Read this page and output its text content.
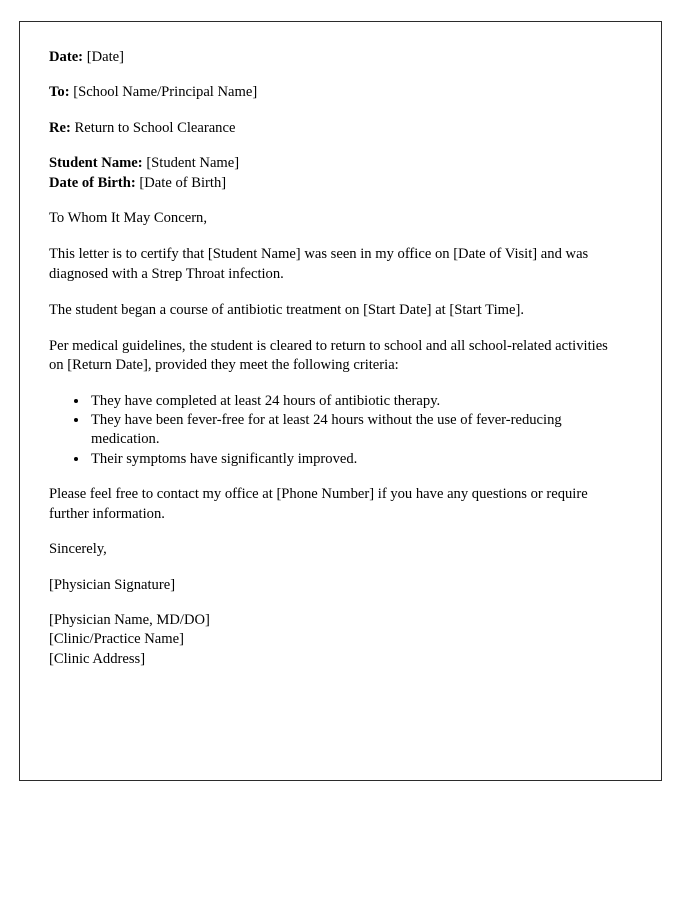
Date: [Date]

To: [School Name/Principal Name]

Re: Return to School Clearance

Student Name: [Student Name]
Date of Birth: [Date of Birth]

To Whom It May Concern,

This letter is to certify that [Student Name] was seen in my office on [Date of Visit] and was diagnosed with a Strep Throat infection.

The student began a course of antibiotic treatment on [Start Date] at [Start Time].

Per medical guidelines, the student is cleared to return to school and all school-related activities on [Return Date], provided they meet the following criteria:

• They have completed at least 24 hours of antibiotic therapy.
• They have been fever-free for at least 24 hours without the use of fever-reducing medication.
• Their symptoms have significantly improved.

Please feel free to contact my office at [Phone Number] if you have any questions or require further information.

Sincerely,

[Physician Signature]

[Physician Name, MD/DO]
[Clinic/Practice Name]
[Clinic Address]
